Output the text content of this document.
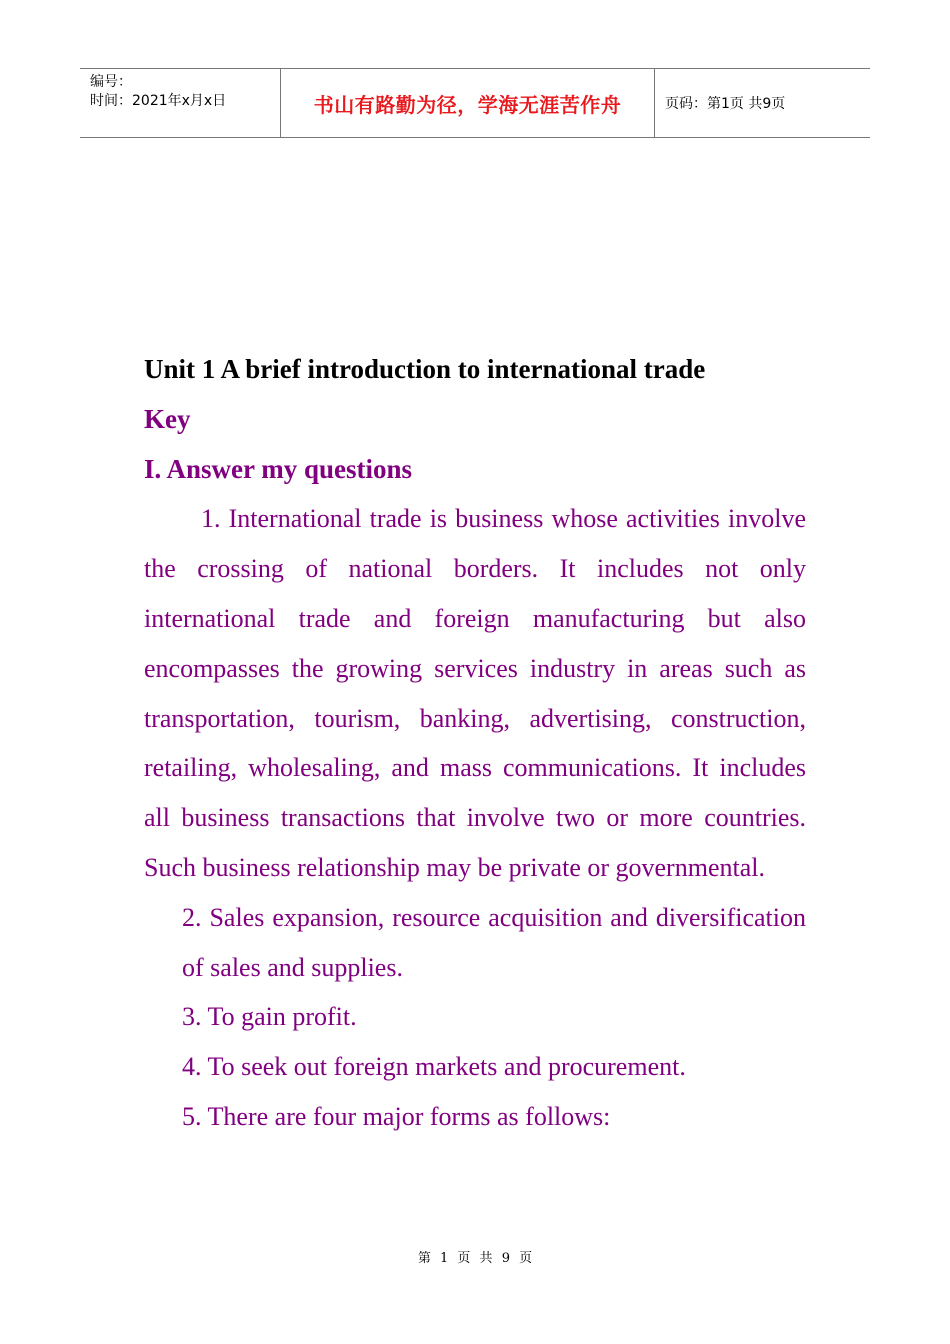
编号：
时间：2021年x月x日	书山有路勤为径，学海无涯苦作舟	页码：第1页 共9页
Unit 1 A brief introduction to international trade
Key
I. Answer my questions
1. International trade is business whose activities involve the crossing of national borders. It includes not only international trade and foreign manufacturing but also encompasses the growing services industry in areas such as transportation, tourism, banking, advertising, construction, retailing, wholesaling, and mass communications. It includes all business transactions that involve two or more countries. Such business relationship may be private or governmental.
2. Sales expansion, resource acquisition and diversification of sales and supplies.
3. To gain profit.
4. To seek out foreign markets and procurement.
5. There are four major forms as follows:
第 1 页 共 9 页
